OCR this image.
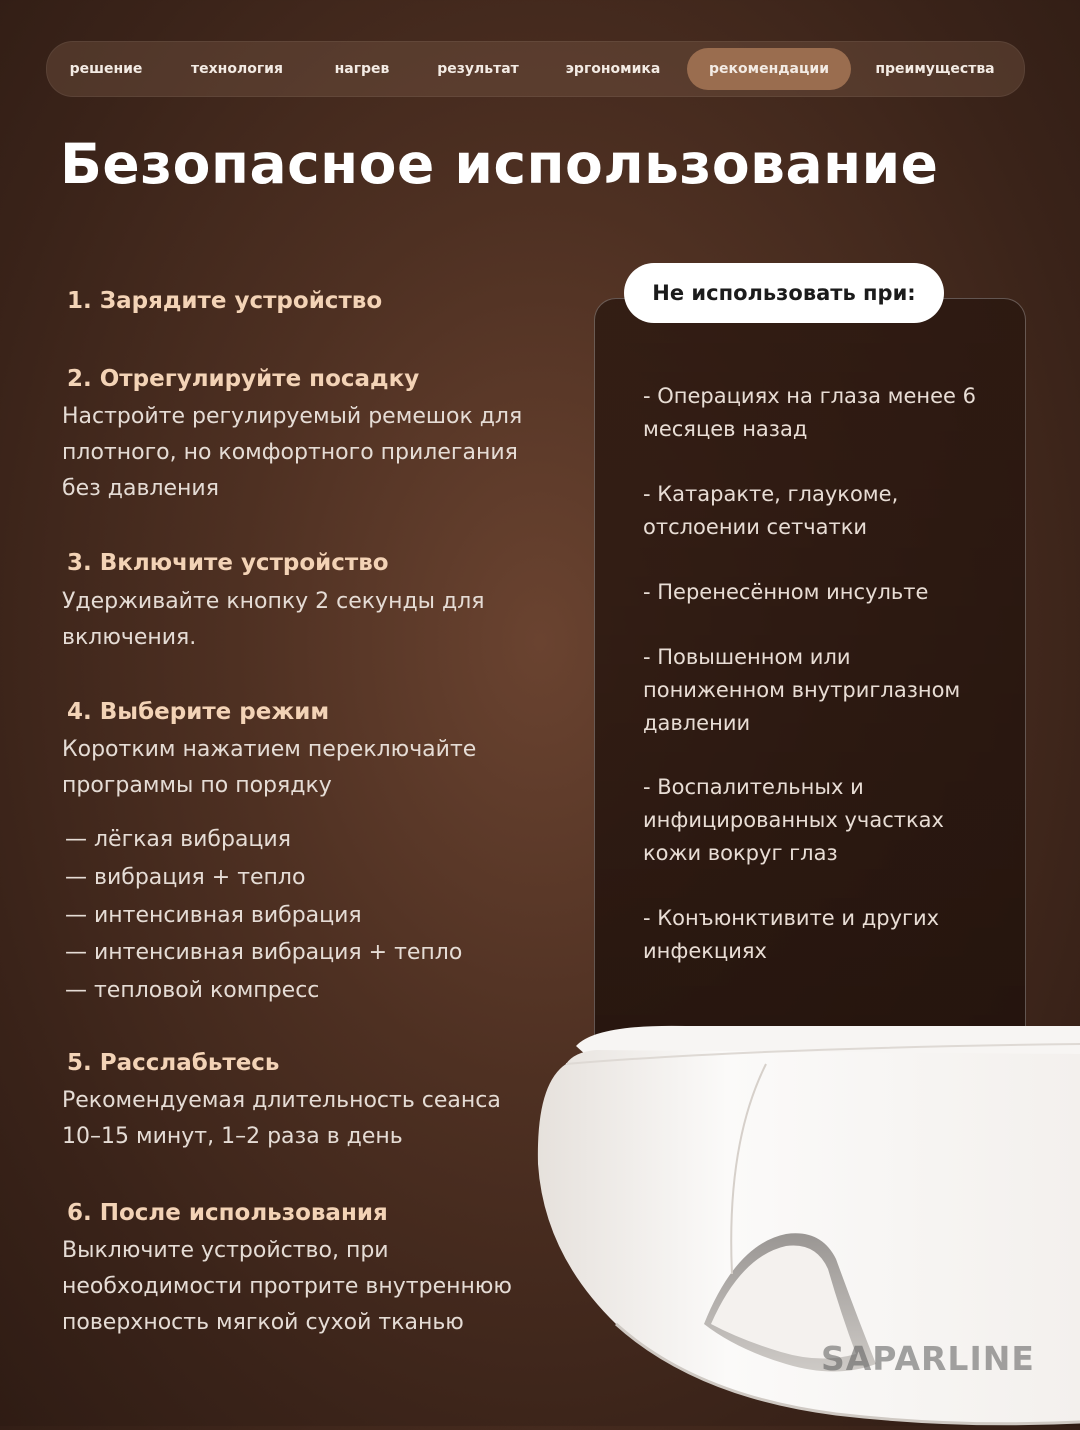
решение	технология	нагрев	результат	эргономика	рекомендации	преимущества
Безопасное использование
1. Зарядите устройство
2. Отрегулируйте посадку
Настройте регулируемый ремешок для плотного, но комфортного прилегания без давления
3. Включите устройство
Удерживайте кнопку 2 секунды для включения.
4. Выберите режим
Коротким нажатием переключайте программы по порядку
— лёгкая вибрация
— вибрация + тепло
— интенсивная вибрация
— интенсивная вибрация + тепло
— тепловой компресс
5. Расслабьтесь
Рекомендуемая длительность сеанса 10–15 минут, 1–2 раза в день
6. После использования
Выключите устройство, при необходимости протрите внутреннюю поверхность мягкой сухой тканью
Не использовать при:
- Операциях на глаза менее 6 месяцев назад
- Катаракте, глаукоме, отслоении сетчатки
- Перенесённом инсульте
- Повышенном или пониженном внутриглазном давлении
- Воспалительных и инфицированных участках кожи вокруг глаз
- Конъюнктивите и других инфекциях
SAPARLINE
